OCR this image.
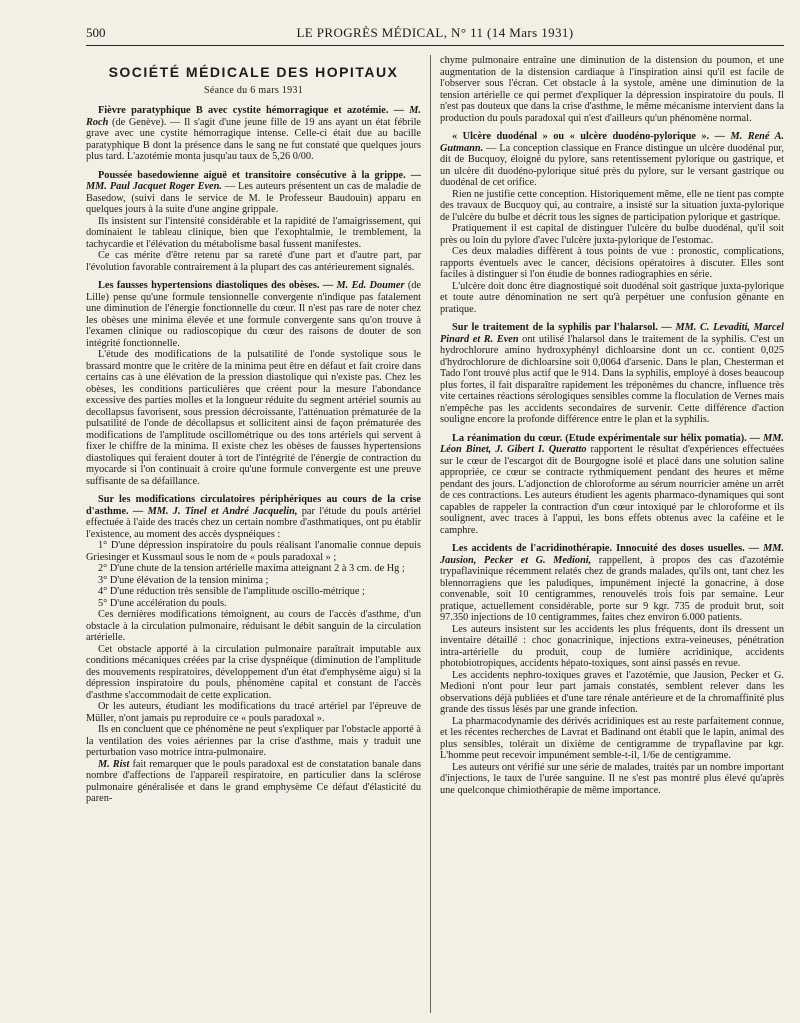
500	LE PROGRÈS MÉDICAL, N° 11 (14 Mars 1931)
SOCIÉTÉ MÉDICALE DES HOPITAUX
Séance du 6 mars 1931

Fièvre paratyphique B avec cystite hémorragique et azotémie. — M. Roch (de Genève). — Il s'agit d'une jeune fille de 19 ans ayant un état fébrile grave avec une cystite hémorragique intense. Celle-ci était due au bacille paratyphique B dont la présence dans le sang ne fut constaté que quelques jours plus tard. L'azotémie monta jusqu'au taux de 5,26 0/00.

Poussée basedowienne aiguë et transitoire consécutive à la grippe. — MM. Paul Jacquet Roger Even. — Les auteurs présentent un cas de maladie de Basedow, (suivi dans le service de M. le Professeur Baudouin) apparu en quelques jours à la suite d'une angine grippale.

Ils insistent sur l'intensité considérable et la rapidité de l'amaigrissement, qui dominaient le tableau clinique, bien que l'exophtalmie, le tremblement, la tachycardie et l'élévation du métabolisme basal fussent manifestes.

Ce cas mérite d'être retenu par sa rareté d'une part et d'autre part, par l'évolution favorable contrairement à la plupart des cas antérieurement signalés.

Les fausses hypertensions diastoliques des obèses. — M. Ed. Doumer (de Lille) pense qu'une formule tensionnelle convergente n'indique pas fatalement une diminution de l'énergie fonctionnelle du cœur. Il n'est pas rare de noter chez les obèses une minima élevée et une formule convergente sans qu'on trouve à l'examen clinique ou radioscopique du cœur des raisons de douter de son intégrité fonctionnelle.

L'étude des modifications de la pulsatilité de l'onde systolique sous le brassard montre que le critère de la minima peut être en défaut et fait croire dans certains cas à une élévation de la pression diastolique qui n'existe pas. Chez les obèses, les conditions particulières que créent pour la mesure l'abondance excessive des parties molles et la longueur réduite du segment artériel soumis au decollapsus favorisent, sous pression décroissante, l'atténuation prématurée de la pulsatilité de l'onde de décollapsus et sollicitent ainsi de façon prématurée des modifications de l'amplitude oscillométrique ou des tons artériels qui servent à fixer le chiffre de la minima. Il existe chez les obèses de fausses hypertensions diastoliques qui feraient douter à tort de l'intégrité de l'énergie de contraction du myocarde si l'on continuait à croire qu'une formule convergente est une preuve suffisante de sa défaillance.

Sur les modifications circulatoires périphériques au cours de la crise d'asthme. — MM. J. Tinel et André Jacquelin, par l'étude du pouls artériel effectuée à l'aide des tracés chez un certain nombre d'asthmatiques, ont pu établir l'existence, au moment des accès dyspnéiques :

1° D'une dépression inspiratoire du pouls réalisant l'anomalie connue depuis Griesinger et Kussmaul sous le nom de « pouls paradoxal » ;

2° D'une chute de la tension artérielle maxima atteignant 2 à 3 cm. de Hg ;

3° D'une élévation de la tension minima ;

4° D'une réduction très sensible de l'amplitude oscillo-métrique ;

5° D'une accélération du pouls.

Ces dernières modifications témoignent, au cours de l'accès d'asthme, d'un obstacle à la circulation pulmonaire, réduisant le débit sanguin de la circulation artérielle.

Cet obstacle apporté à la circulation pulmonaire paraîtrait imputable aux conditions mécaniques créées par la crise dyspnéique (diminution de l'amplitude des mouvements respiratoires, développement d'un état d'emphysème aigu) si la dépression inspiratoire du pouls, phénomène capital et constant de l'accès d'asthme s'accommodait de cette explication.

Or les auteurs, étudiant les modifications du tracé artériel par l'épreuve de Müller, n'ont jamais pu reproduire ce « pouls paradoxal ».

Ils en concluent que ce phénomène ne peut s'expliquer par l'obstacle apporté à la ventilation des voies aériennes par la crise d'asthme, mais y traduit une perturbation vaso motrice intra-pulmonaire.

M. Rist fait remarquer que le pouls paradoxal est de constatation banale dans nombre d'affections de l'appareil respiratoire, en particulier dans la sclérose pulmonaire généralisée et dans le grand emphysème Ce défaut d'élasticité du paren-

chyme pulmonaire entraîne une diminution de la distension du poumon, et une augmentation de la distension cardiaque à l'inspiration ainsi qu'il est facile de l'observer sous l'écran. Cet obstacle à la systole, amène une diminution de la tension artérielle ce qui permet d'expliquer la dépression inspiratoire du pouls. Il n'est pas douteux que dans la crise d'asthme, le même mécanisme intervient dans la production du pouls paradoxal qui n'est d'ailleurs qu'un phénomène normal.

« Ulcère duodénal » ou « ulcère duodéno-pylorique ». — M. René A. Gutmann. — La conception classique en France distingue un ulcère duodénal pur, dit de Bucquoy, éloigné du pylore, sans retentissement pylorique ou gastrique, et un ulcère dit duodéno-pylorique situé près du pylore, sur le versant gastrique ou duodénal de cet orifice.

Rien ne justifie cette conception. Historiquement même, elle ne tient pas compte des travaux de Bucquoy qui, au contraire, a insisté sur la situation juxta-pylorique de l'ulcère du bulbe et décrit tous les signes de participation pylorique et gastrique.

Pratiquement il est capital de distinguer l'ulcère du bulbe duodénal, qu'il soit près ou loin du pylore d'avec l'ulcère juxta-pylorique de l'estomac.

Ces deux maladies diffèrent à tous points de vue : pronostic, complications, rapports éventuels avec le cancer, décisions opératoires à discuter. Elles sont faciles à distinguer si l'on étudie de bonnes radiographies en série.

L'ulcère doit donc être diagnostiqué soit duodénal soit gastrique juxta-pylorique et toute autre dénomination ne sert qu'à perpétuer une confusion gênante en pratique.

Sur le traitement de la syphilis par l'halarsol. — MM. C. Levaditi, Marcel Pinard et R. Even ont utilisé l'halarsol dans le traitement de la syphilis. C'est un hydrochlorure amino hydroxyphényl dichloarsine dont un cc. contient 0,025 d'hydrochlorure de dichloarsine soit 0,0064 d'arsenic. Dans le plan, Chesterman et Tado l'ont trouvé plus actif que le 914. Dans la syphilis, employé à doses beaucoup plus fortes, il fait disparaître rapidement les tréponèmes du chancre, influence très vite certaines réactions sérologiques sensibles comme la floculation de Vernes mais n'empêche pas les accidents secondaires de survenir. Cette différence d'action souligne encore la profonde différence entre le plan et la syphilis.

La réanimation du cœur. (Etude expérimentale sur hélix pomatia). — MM. Léon Binet, J. Gibert I. Queratto rapportent le résultat d'expériences effectuées sur le cœur de l'escargot dit de Bourgogne isolé et placé dans une solution saline appropriée, ce cœur se contracte rythmiquement pendant des heures et même pendant des jours. L'adjonction de chloroforme au sérum nourricier amène un arrêt de ces contractions. Les auteurs étudient les agents pharmaco-dynamiques qui sont capables de rappeler la contraction d'un cœur intoxiqué par le chloroforme et ils soulignent, avec traces à l'appui, les bons effets obtenus avec la caféine et le camphre.

Les accidents de l'acridinothérapie. Innocuité des doses usuelles. — MM. Jausion, Pecker et G. Medioni, rappellent, à propos des cas d'azotémie trypaflavinique récemment relatés chez de grands malades, qu'ils ont, tant chez les blennorragiens que les paludiques, impunément injecté la gonacrine, à dose convenable, soit 10 centigrammes, renouvelés trois fois par semaine. Leur pratique, actuellement considérable, porte sur 9 kgr. 735 de produit brut, soit 97.350 injections de 10 centigrammes, faites chez environ 6.000 patients.

Les auteurs insistent sur les accidents les plus fréquents, dont ils dressent un inventaire détaillé : choc gonacrinique, injections extra-veineuses, pénétration intra-artérielle du produit, coup de lumière acridinique, accidents photobiotropiques, accidents hépato-toxiques, sont ainsi passés en revue.

Les accidents nephro-toxiques graves et l'azotémie, que Jausion, Pecker et G. Medioni n'ont pour leur part jamais constatés, semblent relever dans les observations déjà publiées et d'une tare rénale antérieure et de la chromaffinité plus grande des tissus lésés par une grande infection.

La pharmacodynamie des dérivés acridiniques est au reste parfaitement connue, et les récentes recherches de Lavrat et Badinand ont établi que le lapin, animal des plus sensibles, tolérait un dixième de centigramme de trypaflavine par kgr. L'homme peut recevoir impunément semble-t-il, 1/6e de centigramme.

Les auteurs ont vérifié sur une série de malades, traités par un nombre important d'injections, le taux de l'urée sanguine. Il ne s'est pas montré plus élevé qu'après une quelconque chimiothérapie de même importance.
